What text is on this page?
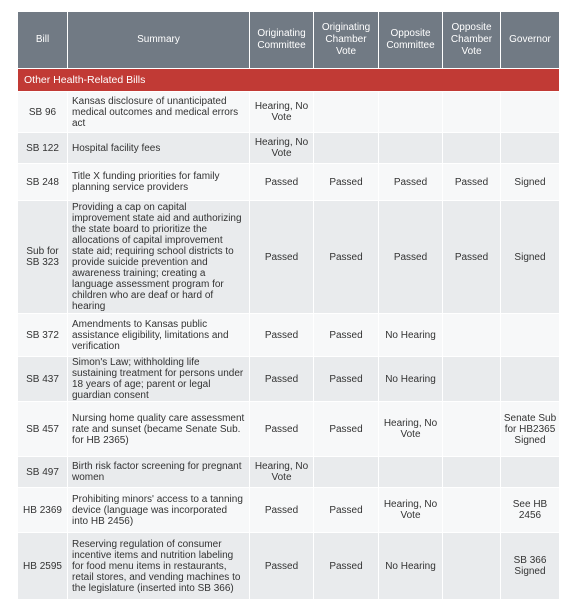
Bill	Summary	Originating Committee	Originating Chamber Vote	Opposite Committee	Opposite Chamber Vote	Governor
Other Health-Related Bills						
SB 96	Kansas disclosure of unanticipated medical outcomes and medical errors act	Hearing, No Vote				
SB 122	Hospital facility fees	Hearing, No Vote				
SB 248	Title X funding priorities for family planning service providers	Passed	Passed	Passed	Passed	Signed
Sub for SB 323	Providing a cap on capital improvement state aid and authorizing the state board to prioritize the allocations of capital improvement state aid; requiring school districts to provide suicide prevention and awareness training; creating a language assessment program for children who are deaf or hard of hearing	Passed	Passed	Passed	Passed	Signed
SB 372	Amendments to Kansas public assistance eligibility, limitations and verification	Passed	Passed	No Hearing		
SB 437	Simon's Law; withholding life sustaining treatment for persons under 18 years of age; parent or legal guardian consent	Passed	Passed	No Hearing		
SB 457	Nursing home quality care assessment rate and sunset (became Senate Sub. for HB 2365)	Passed	Passed	Hearing, No Vote		Senate Sub for HB2365 Signed
SB 497	Birth risk factor screening for pregnant women	Hearing, No Vote				
HB 2369	Prohibiting minors' access to a tanning device (language was incorporated into HB 2456)	Passed	Passed	Hearing, No Vote		See HB 2456
HB 2595	Reserving regulation of consumer incentive items and nutrition labeling for food menu items in restaurants, retail stores, and vending machines to the legislature (inserted into SB 366)	Passed	Passed	No Hearing		SB 366 Signed
